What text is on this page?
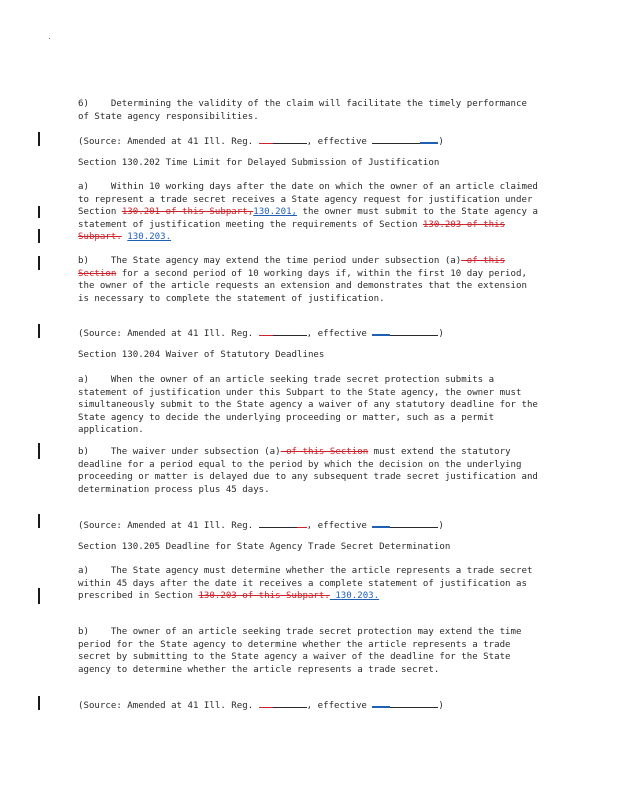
6) Determining the validity of the claim will facilitate the timely performance of State agency responsibilities.

(Source: Amended at 41 Ill. Reg.	, effective	)

Section 130.202 Time Limit for Delayed Submission of Justification

a) Within 10 working days after the date on which the owner of an article claimed to represent a trade secret receives a State agency request for justification under Section 130.201 of this Subpart,130.201, the owner must submit to the State agency a statement of justification meeting the requirements of Section 130.203 of this Subpart. 130.203.

b) The State agency may extend the time period under subsection (a) of this Section for a second period of 10 working days if, within the first 10 day period, the owner of the article requests an extension and demonstrates that the extension is necessary to complete the statement of justification.

(Source: Amended at 41 Ill. Reg.	, effective	)

Section 130.204 Waiver of Statutory Deadlines

a) When the owner of an article seeking trade secret protection submits a statement of justification under this Subpart to the State agency, the owner must simultaneously submit to the State agency a waiver of any statutory deadline for the State agency to decide the underlying proceeding or matter, such as a permit application.

b) The waiver under subsection (a) of this Section must extend the statutory deadline for a period equal to the period by which the decision on the underlying proceeding or matter is delayed due to any subsequent trade secret justification and determination process plus 45 days.

(Source: Amended at 41 Ill. Reg.	, effective	)

Section 130.205 Deadline for State Agency Trade Secret Determination

a) The State agency must determine whether the article represents a trade secret within 45 days after the date it receives a complete statement of justification as prescribed in Section 130.203 of this Subpart. 130.203.

b) The owner of an article seeking trade secret protection may extend the time period for the State agency to determine whether the article represents a trade secret by submitting to the State agency a waiver of the deadline for the State agency to determine whether the article represents a trade secret.

(Source: Amended at 41 Ill. Reg.	, effective	)
